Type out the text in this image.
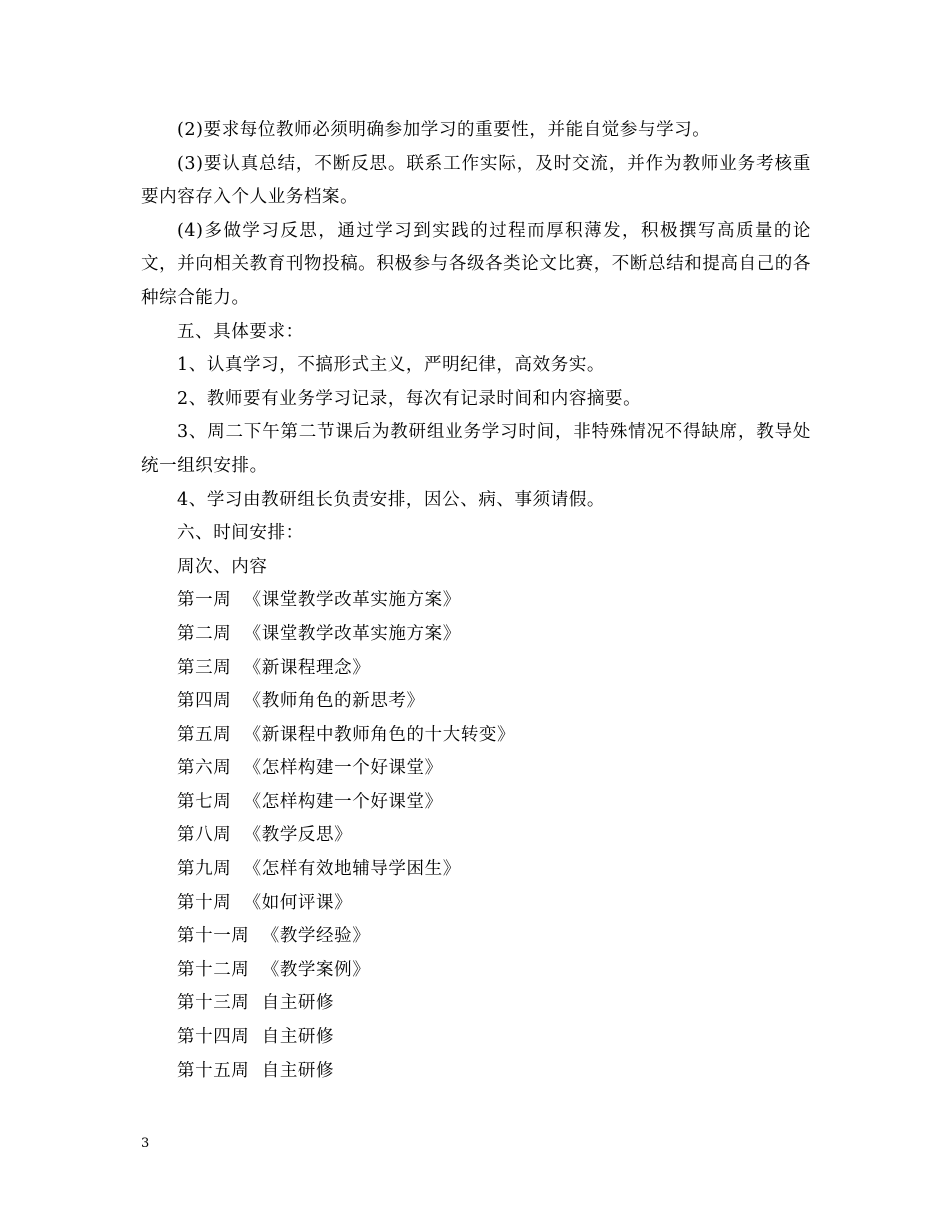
(2)要求每位教师必须明确参加学习的重要性，并能自觉参与学习。

(3)要认真总结，不断反思。联系工作实际，及时交流，并作为教师业务考核重要内容存入个人业务档案。

(4)多做学习反思，通过学习到实践的过程而厚积薄发，积极撰写高质量的论文，并向相关教育刊物投稿。积极参与各级各类论文比赛，不断总结和提高自己的各种综合能力。

五、具体要求：

1、认真学习，不搞形式主义，严明纪律，高效务实。

2、教师要有业务学习记录，每次有记录时间和内容摘要。

3、周二下午第二节课后为教研组业务学习时间，非特殊情况不得缺席，教导处统一组织安排。

4、学习由教研组长负责安排，因公、病、事须请假。

六、时间安排：

周次、内容

第一周  《课堂教学改革实施方案》

第二周  《课堂教学改革实施方案》

第三周  《新课程理念》

第四周  《教师角色的新思考》

第五周  《新课程中教师角色的十大转变》

第六周  《怎样构建一个好课堂》

第七周  《怎样构建一个好课堂》

第八周  《教学反思》

第九周  《怎样有效地辅导学困生》

第十周  《如何评课》

第十一周  《教学经验》

第十二周  《教学案例》

第十三周  自主研修

第十四周  自主研修

第十五周  自主研修

3
